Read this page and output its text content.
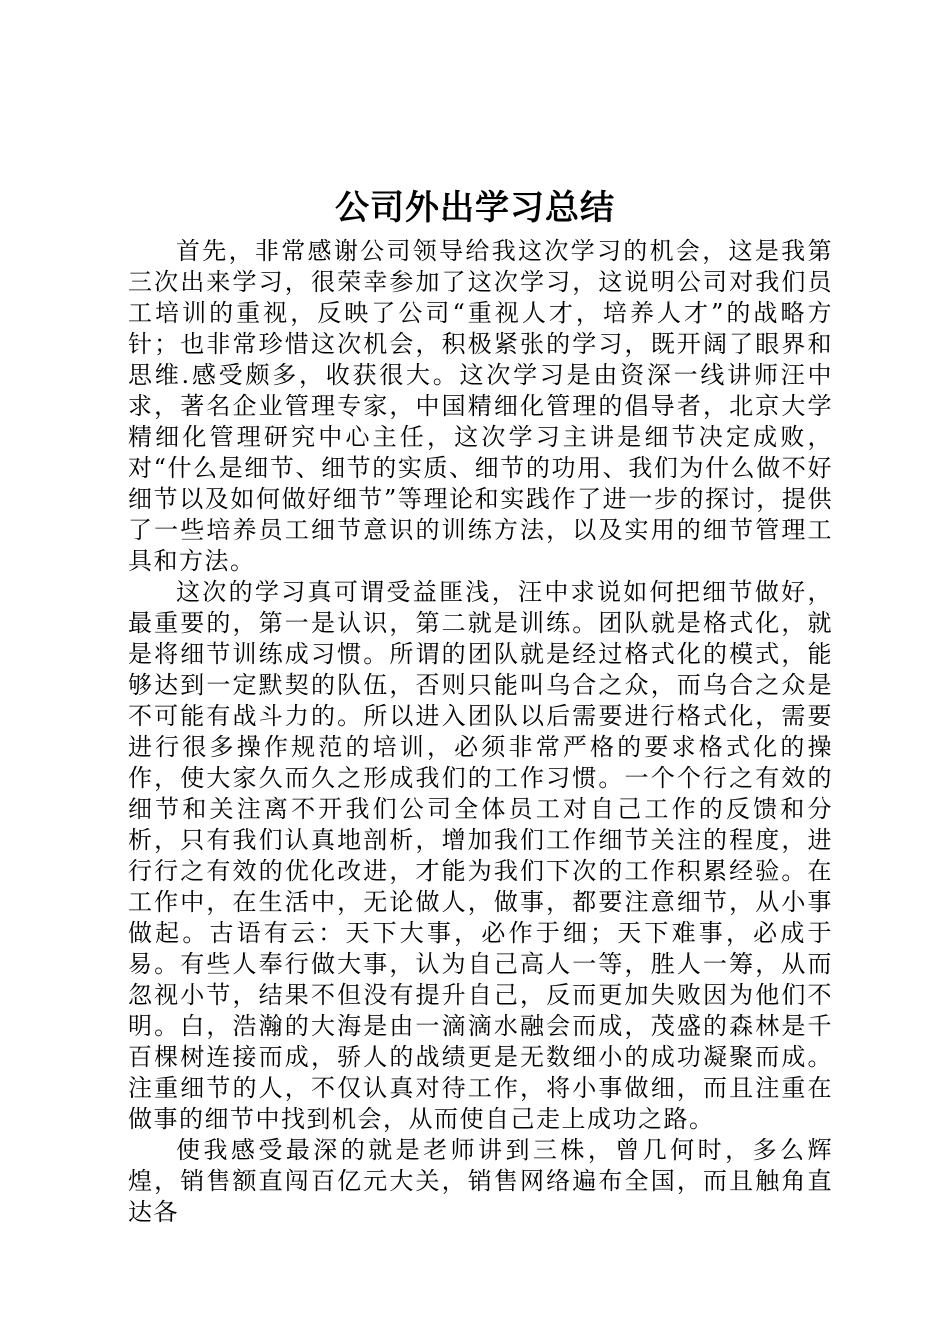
公司外出学习总结

首先，非常感谢公司领导给我这次学习的机会，这是我第三次出来学习，很荣幸参加了这次学习，这说明公司对我们员工培训的重视，反映了公司“重视人才，培养人才”的战略方针；也非常珍惜这次机会，积极紧张的学习，既开阔了眼界和思维.感受颇多，收获很大。这次学习是由资深一线讲师汪中求，著名企业管理专家，中国精细化管理的倡导者，北京大学精细化管理研究中心主任，这次学习主讲是细节决定成败，对“什么是细节、细节的实质、细节的功用、我们为什么做不好细节以及如何做好细节”等理论和实践作了进一步的探讨，提供了一些培养员工细节意识的训练方法，以及实用的细节管理工具和方法。

这次的学习真可谓受益匪浅，汪中求说如何把细节做好，最重要的，第一是认识，第二就是训练。团队就是格式化，就是将细节训练成习惯。所谓的团队就是经过格式化的模式，能够达到一定默契的队伍，否则只能叫乌合之众，而乌合之众是不可能有战斗力的。所以进入团队以后需要进行格式化，需要进行很多操作规范的培训，必须非常严格的要求格式化的操作，使大家久而久之形成我们的工作习惯。一个个行之有效的细节和关注离不开我们公司全体员工对自己工作的反馈和分析，只有我们认真地剖析，增加我们工作细节关注的程度，进行行之有效的优化改进，才能为我们下次的工作积累经验。在工作中，在生活中，无论做人，做事，都要注意细节，从小事做起。古语有云：天下大事，必作于细；天下难事，必成于易。有些人奉行做大事，认为自己高人一等，胜人一筹，从而忽视小节，结果不但没有提升自己，反而更加失败因为他们不明。白，浩瀚的大海是由一滴滴水融会而成，茂盛的森林是千百棵树连接而成，骄人的战绩更是无数细小的成功凝聚而成。注重细节的人，不仅认真对待工作，将小事做细，而且注重在做事的细节中找到机会，从而使自己走上成功之路。

使我感受最深的就是老师讲到三株，曾几何时，多么辉煌，销售额直闯百亿元大关，销售网络遍布全国，而且触角直达各
